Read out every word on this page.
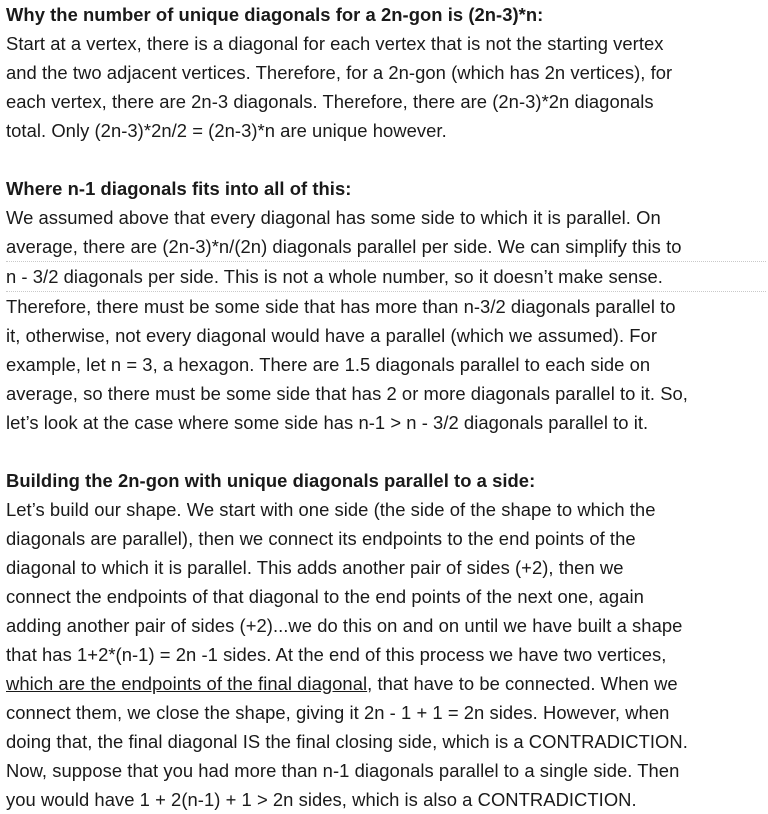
Why the number of unique diagonals for a 2n-gon is (2n-3)*n:
Start at a vertex, there is a diagonal for each vertex that is not the starting vertex
and the two adjacent vertices. Therefore, for a 2n-gon (which has 2n vertices), for
each vertex, there are 2n-3 diagonals. Therefore, there are (2n-3)*2n diagonals
total. Only (2n-3)*2n/2 = (2n-3)*n are unique however.
Where n-1 diagonals fits into all of this:
We assumed above that every diagonal has some side to which it is parallel. On
average, there are (2n-3)*n/(2n) diagonals parallel per side. We can simplify this to
n - 3/2 diagonals per side. This is not a whole number, so it doesn’t make sense.
Therefore, there must be some side that has more than n-3/2 diagonals parallel to
it, otherwise, not every diagonal would have a parallel (which we assumed). For
example, let n = 3, a hexagon. There are 1.5 diagonals parallel to each side on
average, so there must be some side that has 2 or more diagonals parallel to it. So,
let’s look at the case where some side has n-1 > n - 3/2 diagonals parallel to it.
Building the 2n-gon with unique diagonals parallel to a side:
Let’s build our shape. We start with one side (the side of the shape to which the
diagonals are parallel), then we connect its endpoints to the end points of the
diagonal to which it is parallel. This adds another pair of sides (+2), then we
connect the endpoints of that diagonal to the end points of the next one, again
adding another pair of sides (+2)...we do this on and on until we have built a shape
that has 1+2*(n-1) = 2n -1 sides. At the end of this process we have two vertices,
which are the endpoints of the final diagonal, that have to be connected. When we
connect them, we close the shape, giving it 2n - 1 + 1 = 2n sides. However, when
doing that, the final diagonal IS the final closing side, which is a CONTRADICTION.
Now, suppose that you had more than n-1 diagonals parallel to a single side. Then
you would have 1 + 2(n-1) + 1 > 2n sides, which is also a CONTRADICTION.
